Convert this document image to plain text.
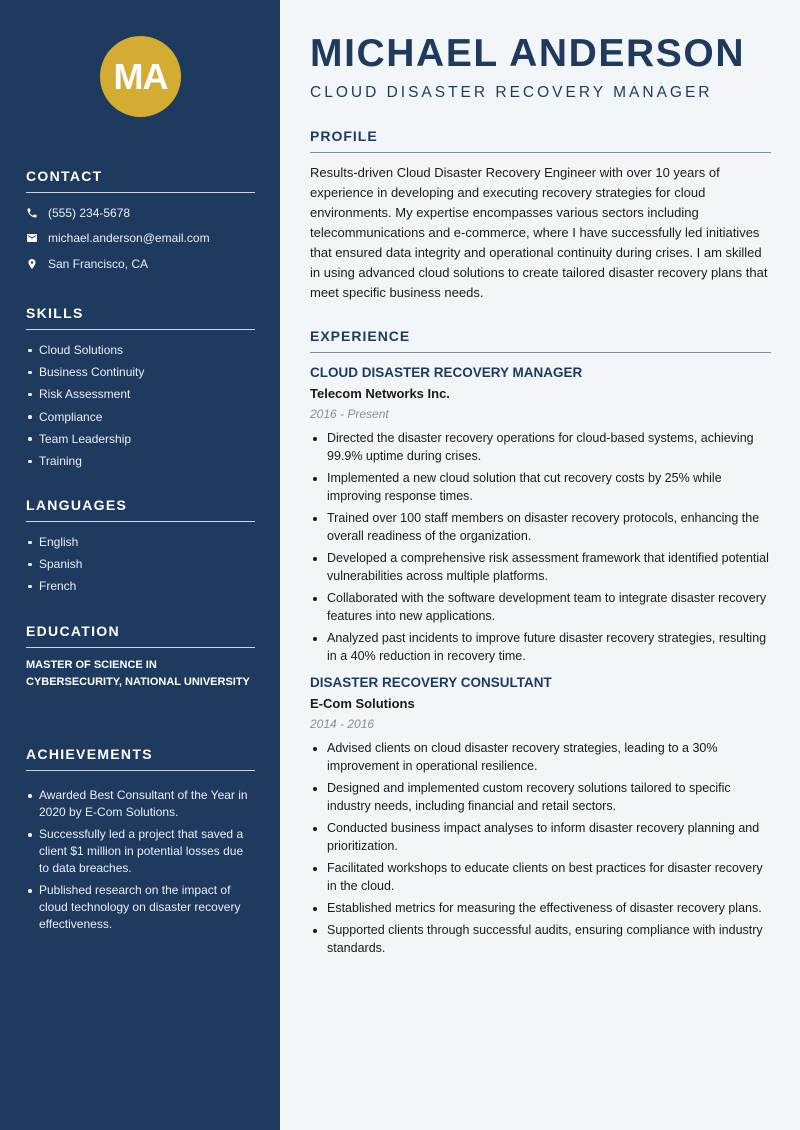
MA
CONTACT
(555) 234-5678
michael.anderson@email.com
San Francisco, CA
SKILLS
Cloud Solutions
Business Continuity
Risk Assessment
Compliance
Team Leadership
Training
LANGUAGES
English
Spanish
French
EDUCATION
MASTER OF SCIENCE IN CYBERSECURITY, NATIONAL UNIVERSITY
ACHIEVEMENTS
Awarded Best Consultant of the Year in 2020 by E-Com Solutions.
Successfully led a project that saved a client $1 million in potential losses due to data breaches.
Published research on the impact of cloud technology on disaster recovery effectiveness.
MICHAEL ANDERSON
CLOUD DISASTER RECOVERY MANAGER
PROFILE
Results-driven Cloud Disaster Recovery Engineer with over 10 years of experience in developing and executing recovery strategies for cloud environments. My expertise encompasses various sectors including telecommunications and e-commerce, where I have successfully led initiatives that ensured data integrity and operational continuity during crises. I am skilled in using advanced cloud solutions to create tailored disaster recovery plans that meet specific business needs.
EXPERIENCE
CLOUD DISASTER RECOVERY MANAGER
Telecom Networks Inc.
2016 - Present
Directed the disaster recovery operations for cloud-based systems, achieving 99.9% uptime during crises.
Implemented a new cloud solution that cut recovery costs by 25% while improving response times.
Trained over 100 staff members on disaster recovery protocols, enhancing the overall readiness of the organization.
Developed a comprehensive risk assessment framework that identified potential vulnerabilities across multiple platforms.
Collaborated with the software development team to integrate disaster recovery features into new applications.
Analyzed past incidents to improve future disaster recovery strategies, resulting in a 40% reduction in recovery time.
DISASTER RECOVERY CONSULTANT
E-Com Solutions
2014 - 2016
Advised clients on cloud disaster recovery strategies, leading to a 30% improvement in operational resilience.
Designed and implemented custom recovery solutions tailored to specific industry needs, including financial and retail sectors.
Conducted business impact analyses to inform disaster recovery planning and prioritization.
Facilitated workshops to educate clients on best practices for disaster recovery in the cloud.
Established metrics for measuring the effectiveness of disaster recovery plans.
Supported clients through successful audits, ensuring compliance with industry standards.
